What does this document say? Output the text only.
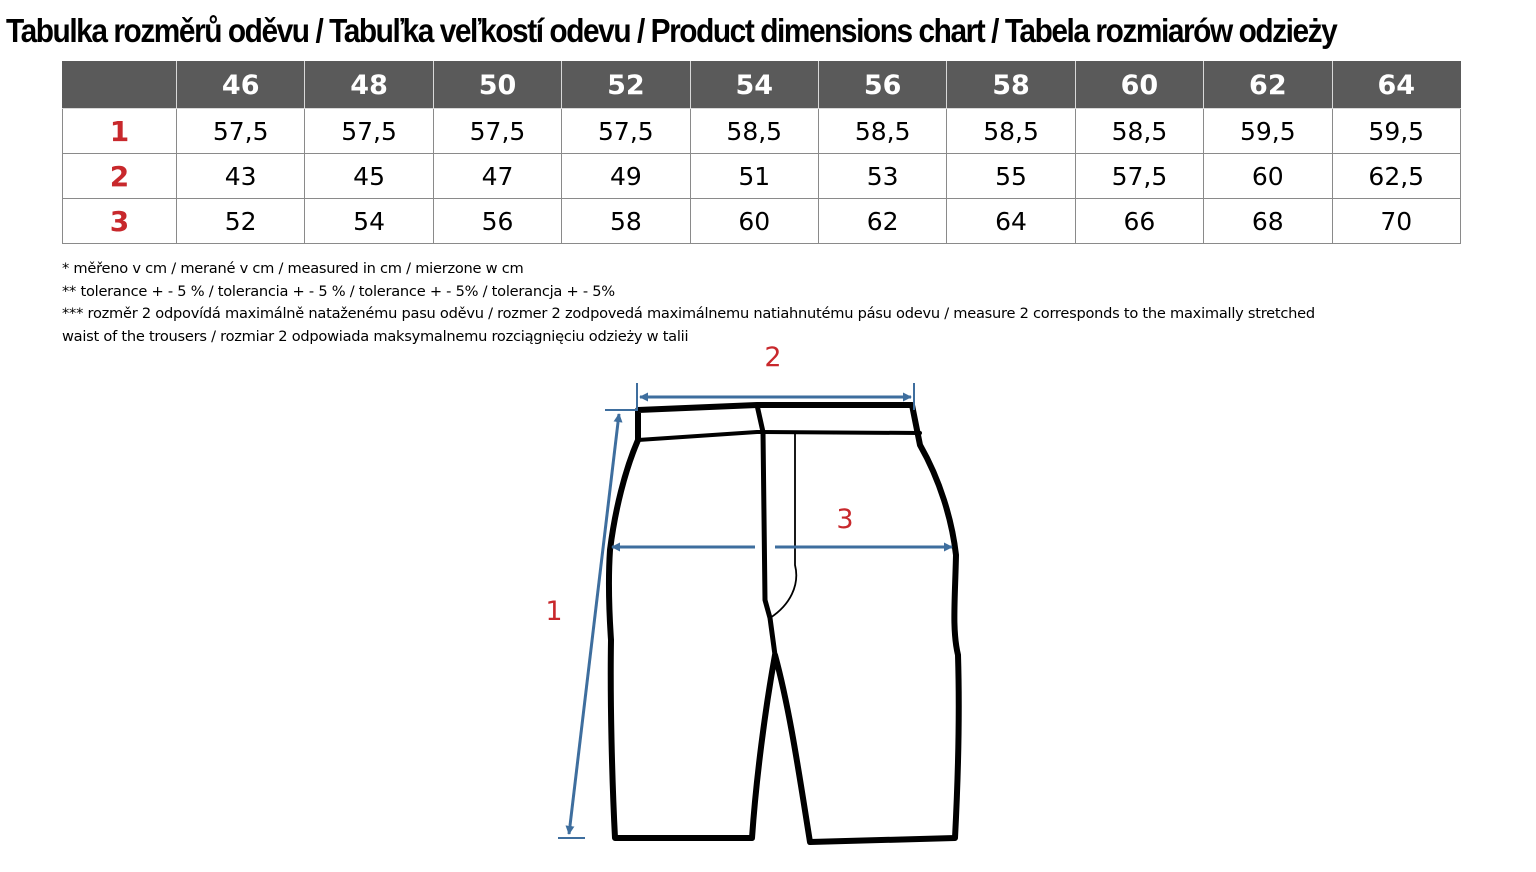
Tabulka rozměrů oděvu / Tabuľka veľkostí odevu / Product dimensions chart / Tabela rozmiarów odzieży
	46	48	50	52	54	56	58	60	62	64
1	57,5	57,5	57,5	57,5	58,5	58,5	58,5	58,5	59,5	59,5
2	43	45	47	49	51	53	55	57,5	60	62,5
3	52	54	56	58	60	62	64	66	68	70
* měřeno v cm / merané v cm / measured in cm / mierzone w cm
** tolerance + - 5 % / tolerancia + - 5 % / tolerance + - 5% / tolerancja + - 5%
*** rozměr 2 odpovídá maximálně nataženému pasu oděvu / rozmer 2 zodpovedá maximálnemu natiahnutému pásu odevu / measure 2 corresponds to the maximally stretched
waist of the trousers / rozmiar 2 odpowiada maksymalnemu rozciągnięciu odzieży w talii
2
3
1
